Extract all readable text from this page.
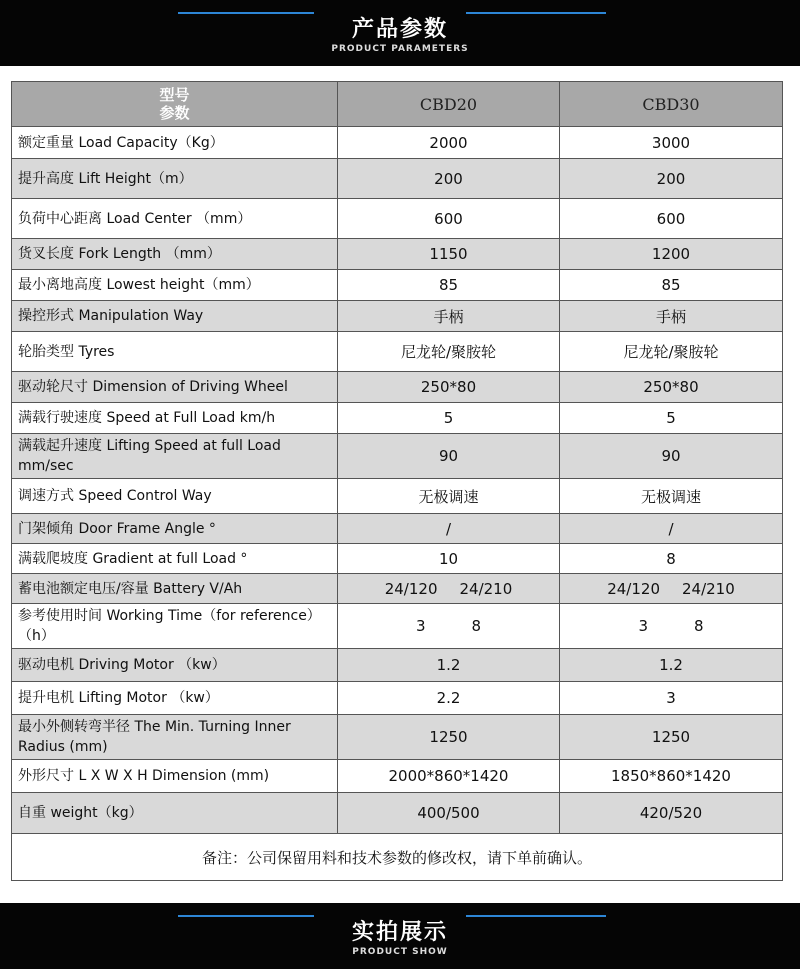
产品参数
PRODUCT PARAMETERS
型号
参数	CBD20	CBD30
额定重量 Load Capacity（Kg）	2000	3000
提升高度 Lift Height（m）	200	200
负荷中心距离 Load Center （mm）	600	600
货叉长度 Fork Length （mm）	1150	1200
最小离地高度 Lowest height（mm）	85	85
操控形式 Manipulation Way	手柄	手柄
轮胎类型 Tyres	尼龙轮/聚胺轮	尼龙轮/聚胺轮
驱动轮尺寸 Dimension of Driving Wheel	250*80	250*80
满载行驶速度 Speed at Full Load km/h	5	5
满载起升速度 Lifting Speed at full Load mm/sec	90	90
调速方式 Speed Control Way	无极调速	无极调速
门架倾角 Door Frame Angle °	/	/
满载爬坡度 Gradient at full Load °	10	8
蓄电池额定电压/容量 Battery V/Ah	24/120 24/210	24/120 24/210
参考使用时间 Working Time（for reference）（h）	3 8	3 8
驱动电机 Driving Motor （kw）	1.2	1.2
提升电机 Lifting Motor （kw）	2.2	3
最小外侧转弯半径 The Min. Turning Inner Radius (mm)	1250	1250
外形尺寸 L X W X H Dimension (mm)	2000*860*1420	1850*860*1420
自重 weight（kg）	400/500	420/520
备注：公司保留用料和技术参数的修改权，请下单前确认。		
实拍展示
PRODUCT SHOW
